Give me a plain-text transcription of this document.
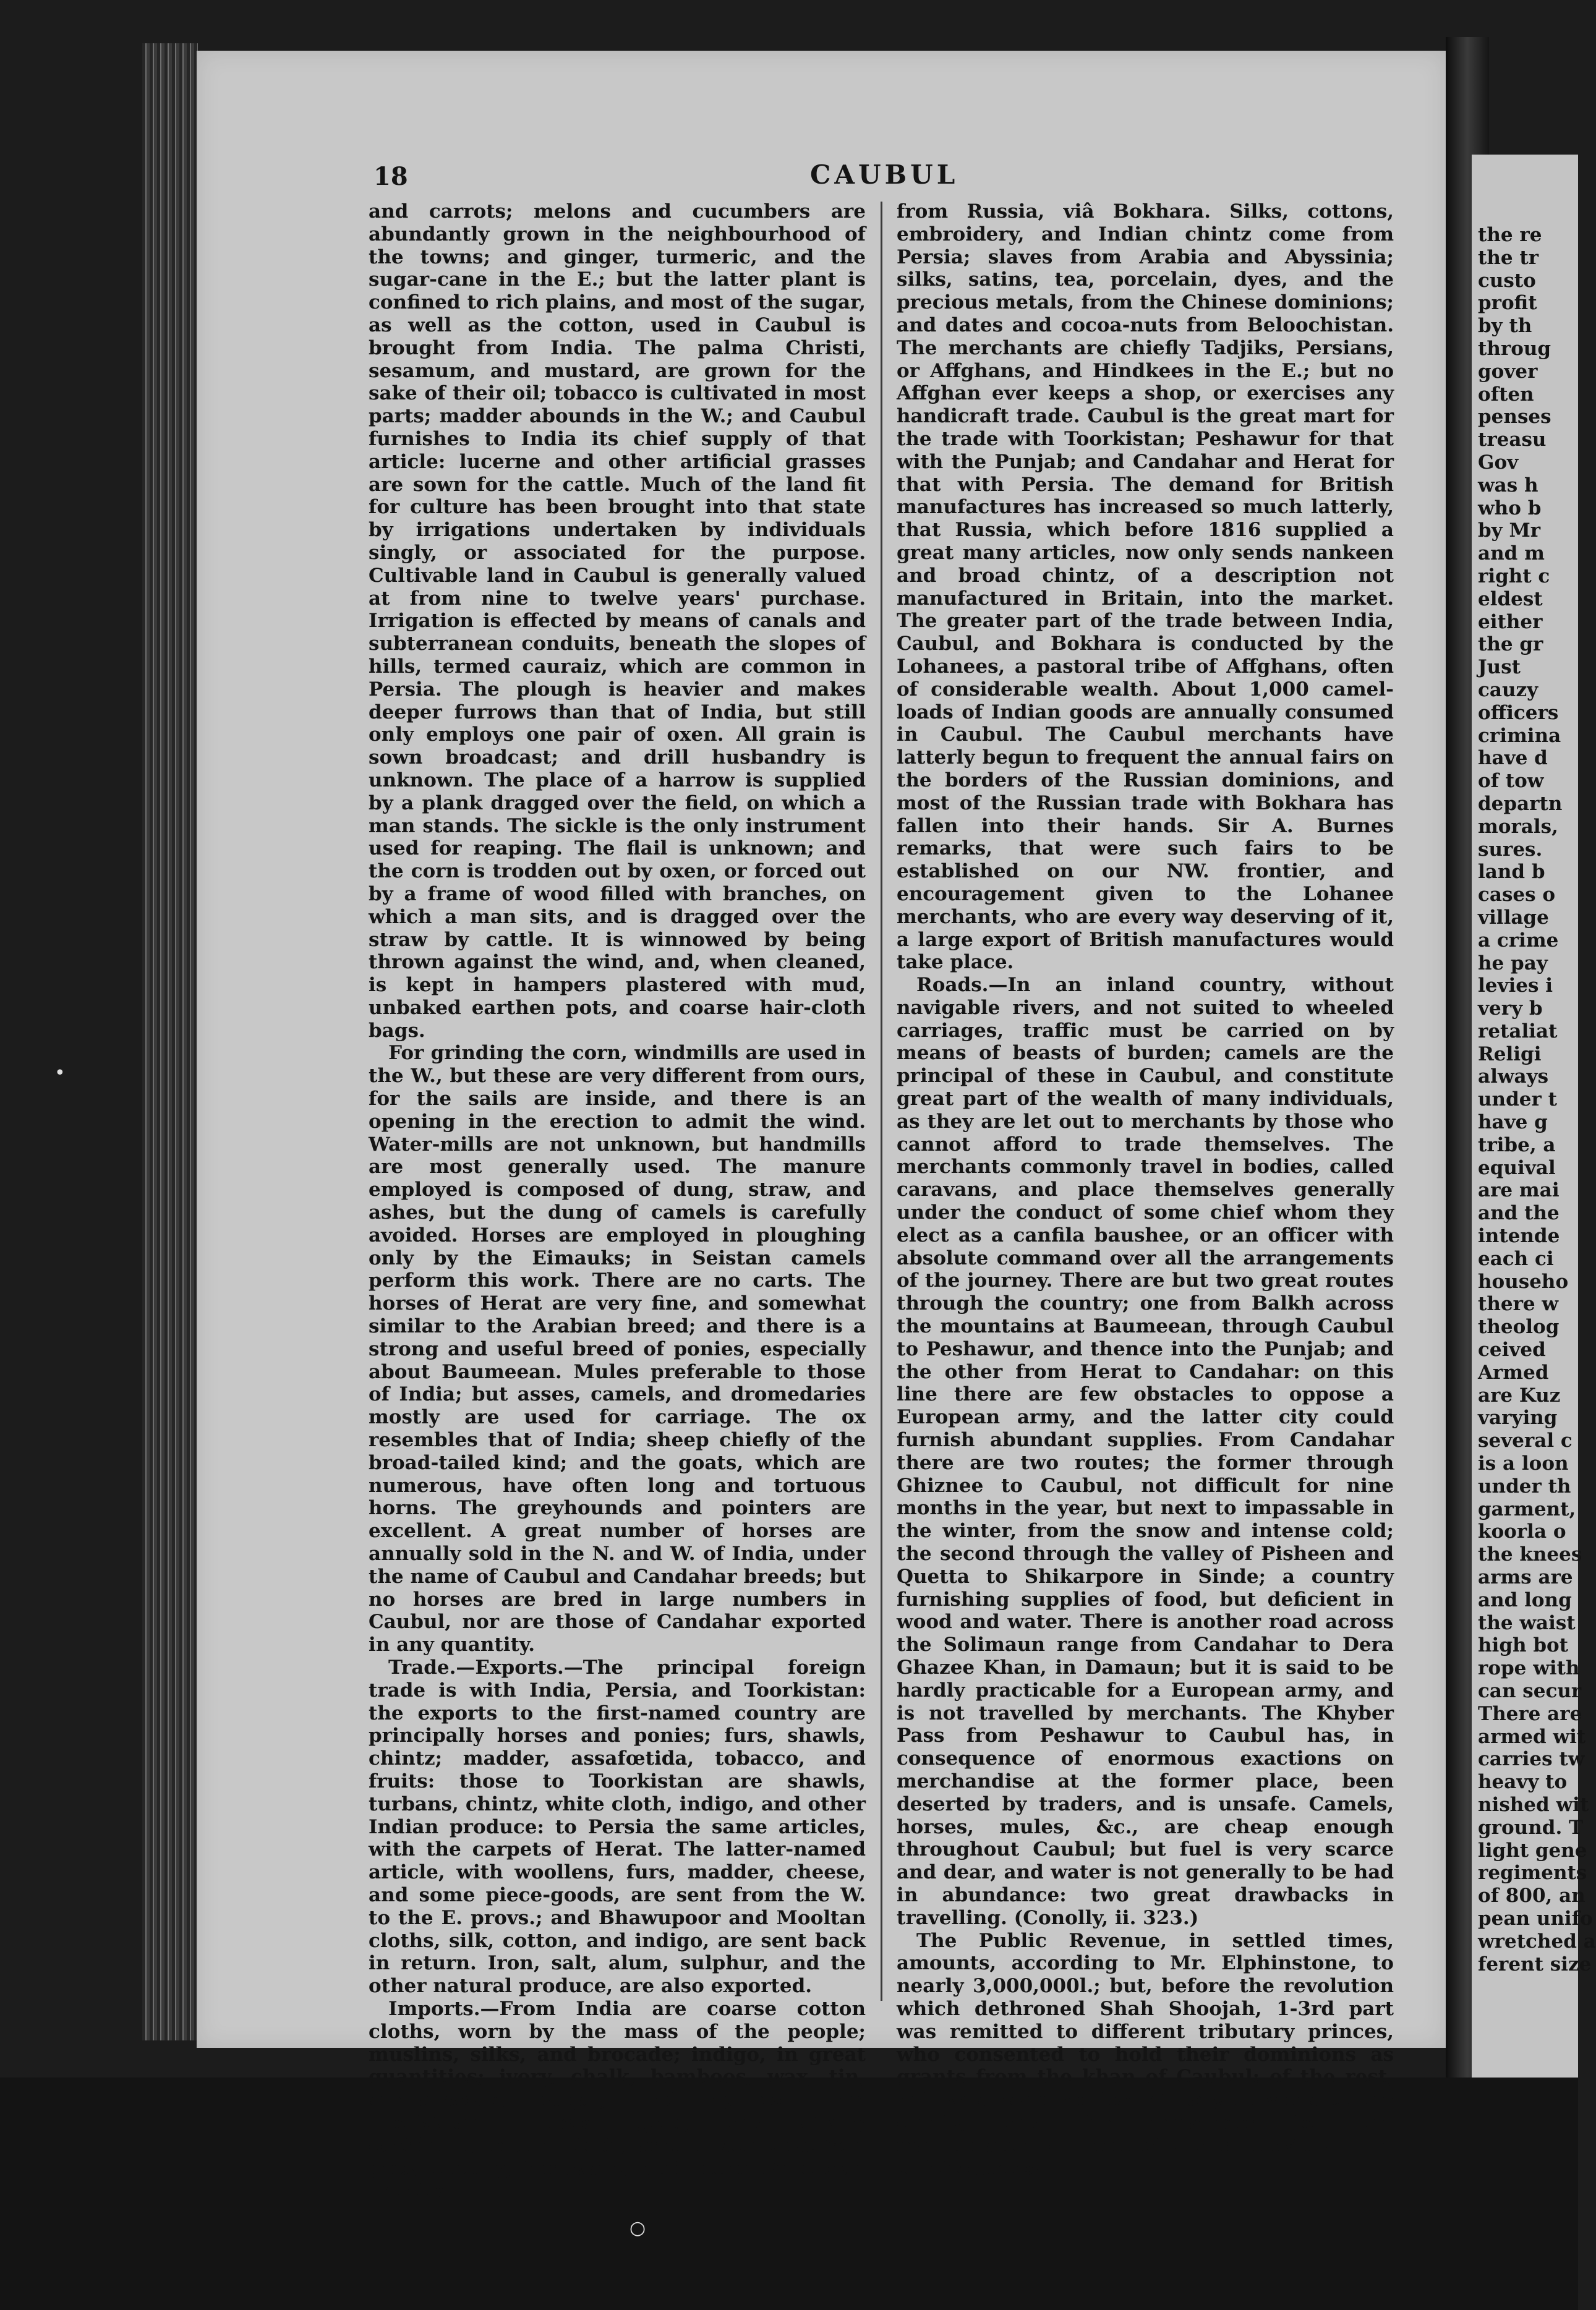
18	CAUBUL

and carrots; melons and cucumbers are abundantly grown in the neighbourhood of the towns; and ginger, turmeric, and the sugar-cane in the E.; but the latter plant is confined to rich plains, and most of the sugar, as well as the cotton, used in Caubul is brought from India. The palma Christi, sesamum, and mustard, are grown for the sake of their oil; tobacco is cultivated in most parts; madder abounds in the W.; and Caubul furnishes to India its chief supply of that article: lucerne and other artificial grasses are sown for the cattle. Much of the land fit for culture has been brought into that state by irrigations undertaken by individuals singly, or associated for the purpose. Cultivable land in Caubul is generally valued at from nine to twelve years' purchase. Irrigation is effected by means of canals and subterranean conduits, beneath the slopes of hills, termed cauraiz, which are common in Persia. The plough is heavier and makes deeper furrows than that of India, but still only employs one pair of oxen. All grain is sown broadcast; and drill husbandry is unknown. The place of a harrow is supplied by a plank dragged over the field, on which a man stands. The sickle is the only instrument used for reaping. The flail is unknown; and the corn is trodden out by oxen, or forced out by a frame of wood filled with branches, on which a man sits, and is dragged over the straw by cattle. It is winnowed by being thrown against the wind, and, when cleaned, is kept in hampers plastered with mud, unbaked earthen pots, and coarse hair-cloth bags.

For grinding the corn, windmills are used in the W., but these are very different from ours, for the sails are inside, and there is an opening in the erection to admit the wind. Water-mills are not unknown, but handmills are most generally used. The manure employed is composed of dung, straw, and ashes, but the dung of camels is carefully avoided. Horses are employed in ploughing only by the Eimauks; in Seistan camels perform this work. There are no carts. The horses of Herat are very fine, and somewhat similar to the Arabian breed; and there is a strong and useful breed of ponies, especially about Baumeean. Mules preferable to those of India; but asses, camels, and dromedaries mostly are used for carriage. The ox resembles that of India; sheep chiefly of the broad-tailed kind; and the goats, which are numerous, have often long and tortuous horns. The greyhounds and pointers are excellent. A great number of horses are annually sold in the N. and W. of India, under the name of Caubul and Candahar breeds; but no horses are bred in large numbers in Caubul, nor are those of Candahar exported in any quantity.

Trade.—Exports.—The principal foreign trade is with India, Persia, and Toorkistan: the exports to the first-named country are principally horses and ponies; furs, shawls, chintz; madder, assafœtida, tobacco, and fruits: those to Toorkistan are shawls, turbans, chintz, white cloth, indigo, and other Indian produce: to Persia the same articles, with the carpets of Herat. The latter-named article, with woollens, furs, madder, cheese, and some piece-goods, are sent from the W. to the E. provs.; and Bhawupoor and Mooltan cloths, silk, cotton, and indigo, are sent back in return. Iron, salt, alum, sulphur, and the other natural produce, are also exported.

Imports.—From India are coarse cotton cloths, worn by the mass of the people; muslins, silks, and brocade; indigo, in great quantities; ivory, chalk, bamboos, wax, tin, sandal-wood, sugar, and spices: from Toorkistan, horses, gold, and silver; cochineal, broad cloth, and tinsel: cast-iron pots, cutlery, hardware, and other European articles,

from Russia, viâ Bokhara. Silks, cottons, embroidery, and Indian chintz come from Persia; slaves from Arabia and Abyssinia; silks, satins, tea, porcelain, dyes, and the precious metals, from the Chinese dominions; and dates and cocoa-nuts from Beloochistan. The merchants are chiefly Tadjiks, Persians, or Affghans, and Hindkees in the E.; but no Affghan ever keeps a shop, or exercises any handicraft trade. Caubul is the great mart for the trade with Toorkistan; Peshawur for that with the Punjab; and Candahar and Herat for that with Persia. The demand for British manufactures has increased so much latterly, that Russia, which before 1816 supplied a great many articles, now only sends nankeen and broad chintz, of a description not manufactured in Britain, into the market. The greater part of the trade between India, Caubul, and Bokhara is conducted by the Lohanees, a pastoral tribe of Affghans, often of considerable wealth. About 1,000 camel-loads of Indian goods are annually consumed in Caubul. The Caubul merchants have latterly begun to frequent the annual fairs on the borders of the Russian dominions, and most of the Russian trade with Bokhara has fallen into their hands. Sir A. Burnes remarks, that were such fairs to be established on our NW. frontier, and encouragement given to the Lohanee merchants, who are every way deserving of it, a large export of British manufactures would take place.

Roads.—In an inland country, without navigable rivers, and not suited to wheeled carriages, traffic must be carried on by means of beasts of burden; camels are the principal of these in Caubul, and constitute great part of the wealth of many individuals, as they are let out to merchants by those who cannot afford to trade themselves. The merchants commonly travel in bodies, called caravans, and place themselves generally under the conduct of some chief whom they elect as a canfila baushee, or an officer with absolute command over all the arrangements of the journey. There are but two great routes through the country; one from Balkh across the mountains at Baumeean, through Caubul to Peshawur, and thence into the Punjab; and the other from Herat to Candahar: on this line there are few obstacles to oppose a European army, and the latter city could furnish abundant supplies. From Candahar there are two routes; the former through Ghiznee to Caubul, not difficult for nine months in the year, but next to impassable in the winter, from the snow and intense cold; the second through the valley of Pisheen and Quetta to Shikarpore in Sinde; a country furnishing supplies of food, but deficient in wood and water. There is another road across the Solimaun range from Candahar to Dera Ghazee Khan, in Damaun; but it is said to be hardly practicable for a European army, and is not travelled by merchants. The Khyber Pass from Peshawur to Caubul has, in consequence of enormous exactions on merchandise at the former place, been deserted by traders, and is unsafe. Camels, horses, mules, &c., are cheap enough throughout Caubul; but fuel is very scarce and dear, and water is not generally to be had in abundance: two great drawbacks in travelling. (Conolly, ii. 323.)

The Public Revenue, in settled times, amounts, according to Mr. Elphinstone, to nearly 3,000,000l.; but, before the revolution which dethroned Shah Shoojah, 1-3rd part was remitted to different tributary princes, who consented to hold their dominions as grants from the khan of Caubul: of the rest, half was assigned for military services to the chiefs, and the remainder for the maintenance of moollahs and dervises. The chief sources of

the re
the tr
custo
profit
by th
throug
gover
often
penses
treasu
Gov
was h
who b
by Mr
and m
right c
eldest
either
the gr
Just
cauzy
officers
crimina
have d
of tow
departn
morals,
sures.
land b
cases o
village
a crime
he pay
levies i
very b
retaliat
Religi
always
under t
have g
tribe, a
equival
are mai
and the
intende
each ci
househo
there w
theolog
ceived
Armed
are Kuz
varying
several c
is a loon
under th
garment,
koorla o
the knees
arms are
and long
the waist
high bot
rope with
can secur
There are
armed wit
carries tw
heavy to
nished wit
ground. T
light gene
regiments
of 800, an
pean unifo
wretched a
ferent size
•
○
